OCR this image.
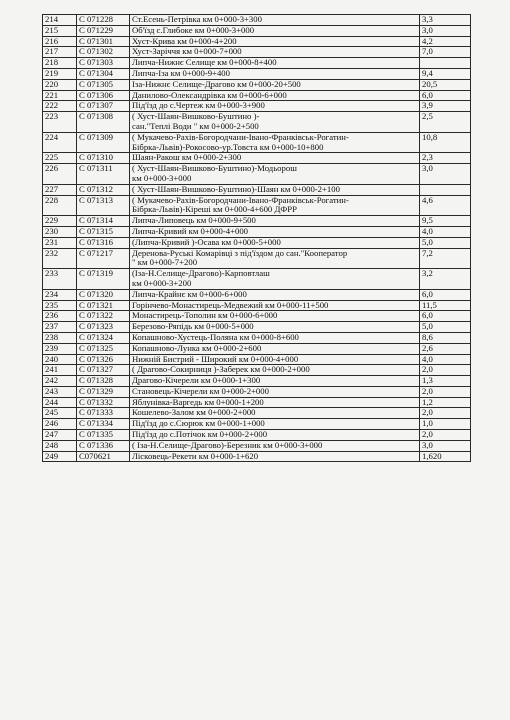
214	С 071228	Ст.Есень-Петрівка км 0+000-3+300	3,3
215	С 071229	Об'їзд с.Глибоке км 0+000-3+000	3,0
216	С 071301	Хуст-Крива км 0+000-4+200	4,2
217	С 071302	Хуст-Заріччя км 0+000-7+000	7,0
218	С 071303	Липча-Нижнє Селище км 0+000-8+400	

219	С 071304	Липча-Іза км 0+000-9+400	9,4
220	С 071305	Іза-Нижнє Селище-Драгово км 0+000-20+500	20,5
221	С 071306	Данилово-Олександрівка км 0+000-6+000	6,0
222	С 071307	Під'їзд до с.Чертеж км 0+000-3+900	3,9
223	С 071308	( Хуст-Шаян-Вишково-Буштино )-
сан."Теплі Води " км 0+000-2+500	2,5
224	С 071309	( Мукачево-Рахів-Богородчани-Івано-Франківськ-Рогатин-
Бібрка-Львів)-Рокосово-ур.Товста км 0+000-10+800	10,8
225	С 071310	Шаян-Ракош км 0+000-2+300	2,3
226	С 071311	( Хуст-Шаян-Вишково-Буштино)-Модьорош
км 0+000-3+000	3,0
227	С 071312	( Хуст-Шаян-Вишково-Буштино)-Шаян км 0+000-2+100	

228	С 071313	( Мукачево-Рахів-Богородчани-Івано-Франківськ-Рогатин-
Бібрка-Львів)-Кіреші км 0+000-4+600 ДФРР	4,6
229	С 071314	Липча-Липовець км 0+000-9+500	9,5
230	С 071315	Липча-Кривий км 0+000-4+000	4,0
231	С 071316	(Липча-Кривий )-Осава км 0+000-5+000	5,0
232	С 071217	Деренова-Руські Комарівці з під'їздом до сан."Кооператор
" км 0+000-7+200	7,2
233	С 071319	(Іза-Н.Селище-Драгово)-Карповтлаш
км 0+000-3+200	3,2
234	С 071320	Липча-Крайнє км 0+000-6+000	6,0
235	С 071321	Горінчево-Монастирець-Медвежий км 0+000-11+500	11,5
236	С 071322	Монастирець-Тополин км 0+000-6+000	6,0
237	С 071323	Березово-Ряпідь км 0+000-5+000	5,0
238	С 071324	Копашново-Хустець-Поляна км 0+000-8+600	8,6
239	С 071325	Копашново-Лунка км 0+000-2+600	2,6
240	С 071326	Нижній Бистрий - Широкий км 0+000-4+000	4,0
241	С 071327	( Драгово-Сокирниця )-Заберек км 0+000-2+000	2,0
242	С 071328	Драгово-Кічерели км 0+000-1+300	1,3
243	С 071329	Становець-Кічерели км 0+000-2+000	2,0
244	С 071332	Яблунівка-Варгедь км 0+000-1+200	1,2
245	С 071333	Кошелево-Залом км 0+000-2+000	2,0
246	С 071334	Під'їзд до с.Сюрюк км 0+000-1+000	1,0
247	С 071335	Під'їзд до с.Потічок км 0+000-2+000	2,0
248	С 071336	( Іза-Н.Селище-Драгово)-Березник км 0+000-3+000	3,0
249	С070621	Лісковець-Рекети км 0+000-1+620	1,620
